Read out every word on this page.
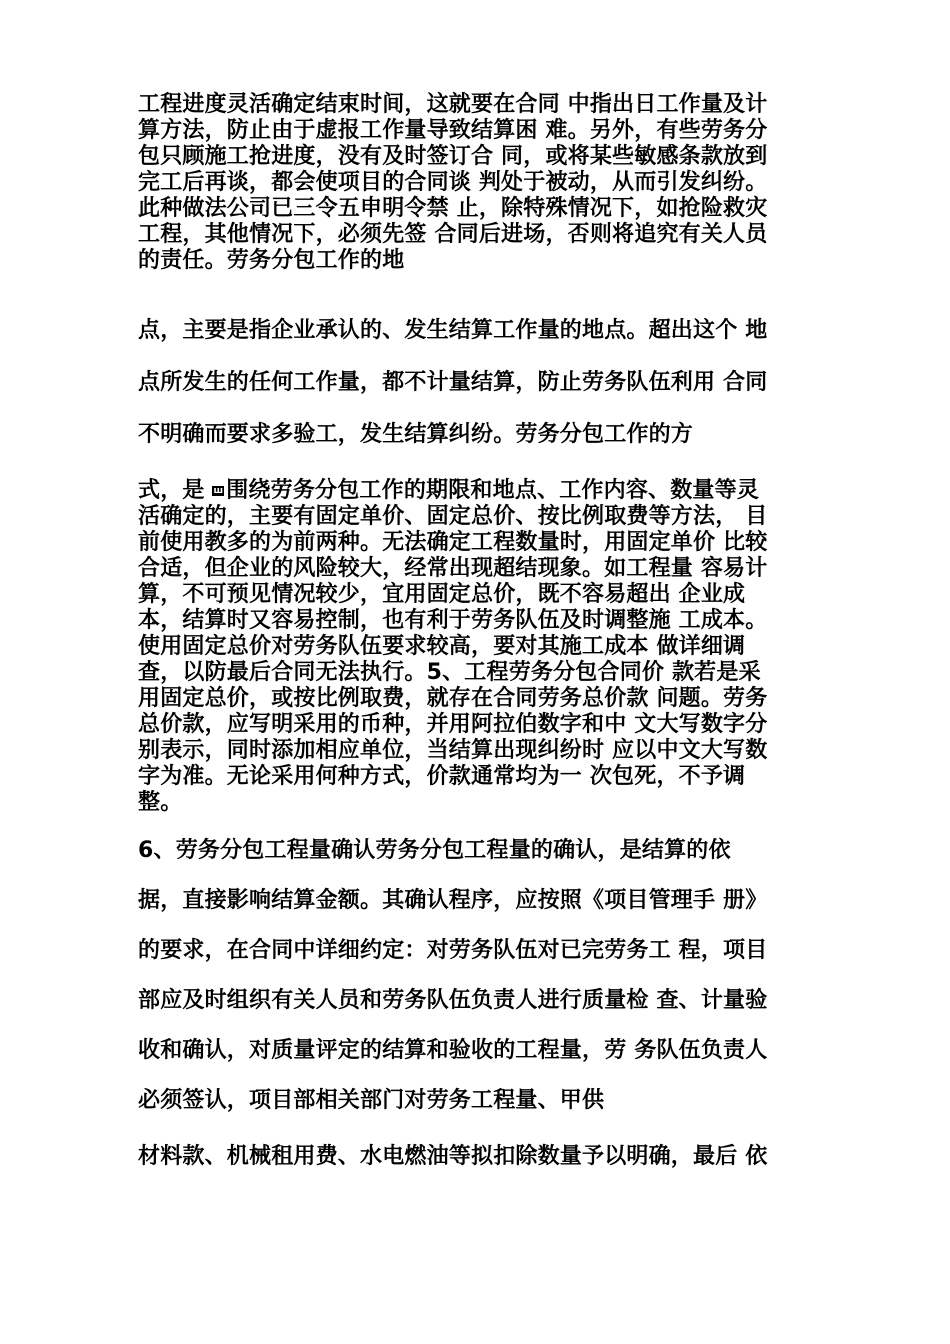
工程进度灵活确定结束时间，这就要在合同 中指出日工作量及计
算方法，防止由于虚报工作量导致结算困 难。另外，有些劳务分
包只顾施工抢进度，没有及时签订合 同，或将某些敏感条款放到
完工后再谈，都会使项目的合同谈 判处于被动，从而引发纠纷。
此种做法公司已三令五申明令禁 止，除特殊情况下，如抢险救灾
工程，其他情况下，必须先签 合同后进场，否则将追究有关人员
的责任。劳务分包工作的地
点，主要是指企业承认的、发生结算工作量的地点。超出这个 地
点所发生的任何工作量，都不计量结算，防止劳务队伍利用 合同
不明确而要求多验工，发生结算纠纷。劳务分包工作的方
式，是 ш 围绕劳务分包工作的期限和地点、工作内容、数量等灵
活确定的，主要有固定单价、固定总价、按比例取费等方法， 目
前使用教多的为前两种。无法确定工程数量时，用固定单价 比较
合适，但企业的风险较大，经常出现超结现象。如工程量 容易计
算，不可预见情况较少，宜用固定总价，既不容易超出 企业成
本，结算时又容易控制，也有利于劳务队伍及时调整施 工成本。
使用固定总价对劳务队伍要求较高，要对其施工成本 做详细调
查，以防最后合同无法执行。5、工程劳务分包合同价 款若是采
用固定总价，或按比例取费，就存在合同劳务总价款 问题。劳务
总价款，应写明采用的币种，并用阿拉伯数字和中 文大写数字分
别表示，同时添加相应单位，当结算出现纠纷时 应以中文大写数
字为准。无论采用何种方式，价款通常均为一 次包死，不予调
整。
6、劳务分包工程量确认劳务分包工程量的确认，是结算的依
据，直接影响结算金额。其确认程序，应按照《项目管理手 册》
的要求，在合同中详细约定：对劳务队伍对已完劳务工 程，项目
部应及时组织有关人员和劳务队伍负责人进行质量检 查、计量验
收和确认，对质量评定的结算和验收的工程量，劳 务队伍负责人
必须签认，项目部相关部门对劳务工程量、甲供
材料款、机械租用费、水电燃油等拟扣除数量予以明确，最后 依
